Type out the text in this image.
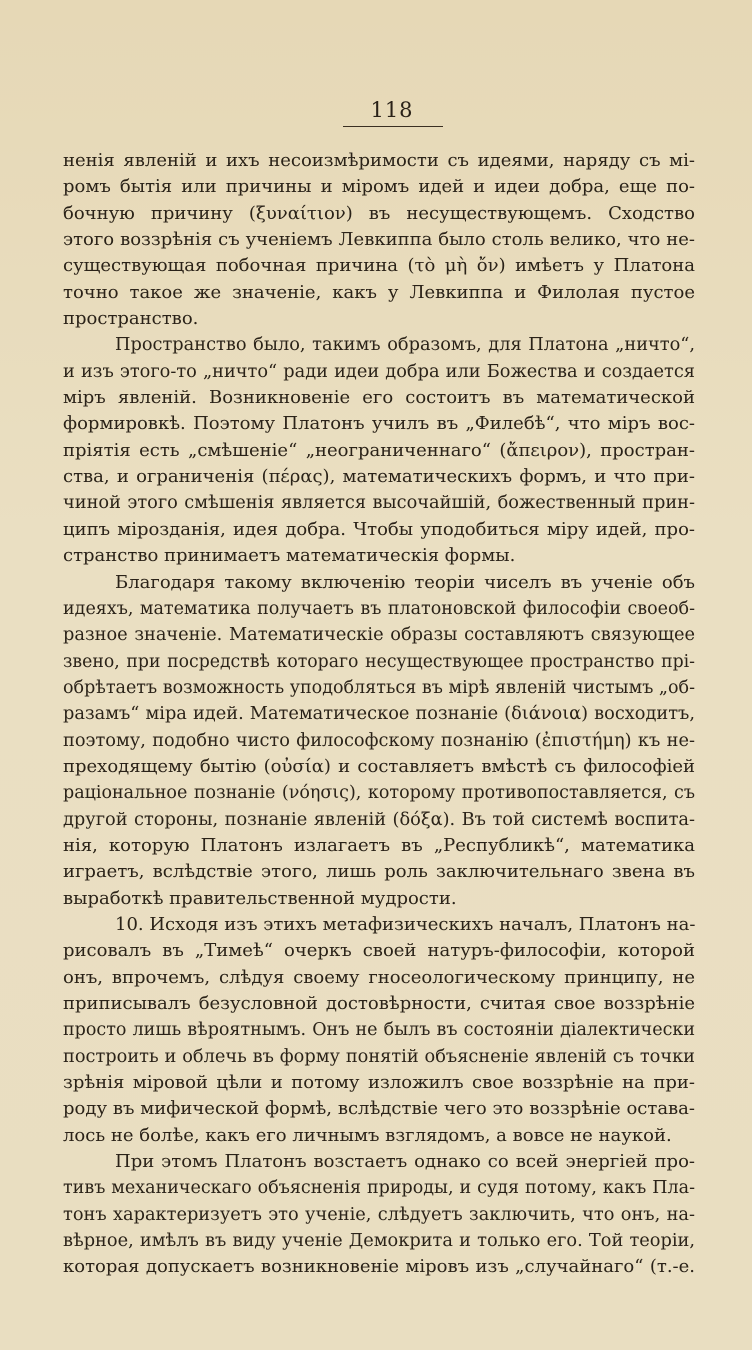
118
ненія явленій и ихъ несоизмѣримости съ идеями, наряду съ мі-
ромъ бытія или причины и міромъ идей и идеи добра, еще по-
бочную причину (ξυναίτιον) въ несуществующемъ. Сходство
этого воззрѣнія съ ученіемъ Левкиппа было столь велико, что не-
существующая побочная причина (τὸ μὴ ὄν) имѣетъ у Платона
точно такое же значеніе, какъ у Левкиппа и Филолая пустое
пространство.
Пространство было, такимъ образомъ, для Платона „ничто“,
и изъ этого-то „ничто“ ради идеи добра или Божества и создается
міръ явленій. Возникновеніе его состоитъ въ математической
формировкѣ. Поэтому Платонъ училъ въ „Филебѣ“, что міръ вос-
пріятія есть „смѣшеніе“ „неограниченнаго“ (ἄπειρον), простран-
ства, и ограниченія (πέρας), математическихъ формъ, и что при-
чиной этого смѣшенія является высочайшій, божественный прин-
ципъ мірозданія, идея добра. Чтобы уподобиться міру идей, про-
странство принимаетъ математическія формы.
Благодаря такому включенію теоріи чиселъ въ ученіе объ
идеяхъ, математика получаетъ въ платоновской философіи своеоб-
разное значеніе. Математическіе образы составляютъ связующее
звено, при посредствѣ котораго несуществующее пространство прі-
обрѣтаетъ возможность уподобляться въ мірѣ явленій чистымъ „об-
разамъ“ міра идей. Математическое познаніе (διάνοια) восходитъ,
поэтому, подобно чисто философскому познанію (ἐπιστήμη) къ не-
преходящему бытію (οὐσία) и составляетъ вмѣстѣ съ философіей
раціональное познаніе (νόησις), которому противопоставляется, съ
другой стороны, познаніе явленій (δόξα). Въ той системѣ воспита-
нія, которую Платонъ излагаетъ въ „Республикѣ“, математика
играетъ, вслѣдствіе этого, лишь роль заключительнаго звена въ
выработкѣ правительственной мудрости.
10. Исходя изъ этихъ метафизическихъ началъ, Платонъ на-
рисовалъ въ „Тимеѣ“ очеркъ своей натуръ-философіи, которой
онъ, впрочемъ, слѣдуя своему гносеологическому принципу, не
приписывалъ безусловной достовѣрности, считая свое воззрѣніе
просто лишь вѣроятнымъ. Онъ не былъ въ состояніи діалектически
построить и облечь въ форму понятій объясненіе явленій съ точки
зрѣнія міровой цѣли и потому изложилъ свое воззрѣніе на при-
роду въ мифической формѣ, вслѣдствіе чего это воззрѣніе остава-
лось не болѣе, какъ его личнымъ взглядомъ, а вовсе не наукой.
При этомъ Платонъ возстаетъ однако со всей энергіей про-
тивъ механическаго объясненія природы, и судя потому, какъ Пла-
тонъ характеризуетъ это ученіе, слѣдуетъ заключить, что онъ, на-
вѣрное, имѣлъ въ виду ученіе Демокрита и только его. Той теоріи,
которая допускаетъ возникновеніе міровъ изъ „случайнаго“ (т.-е.
